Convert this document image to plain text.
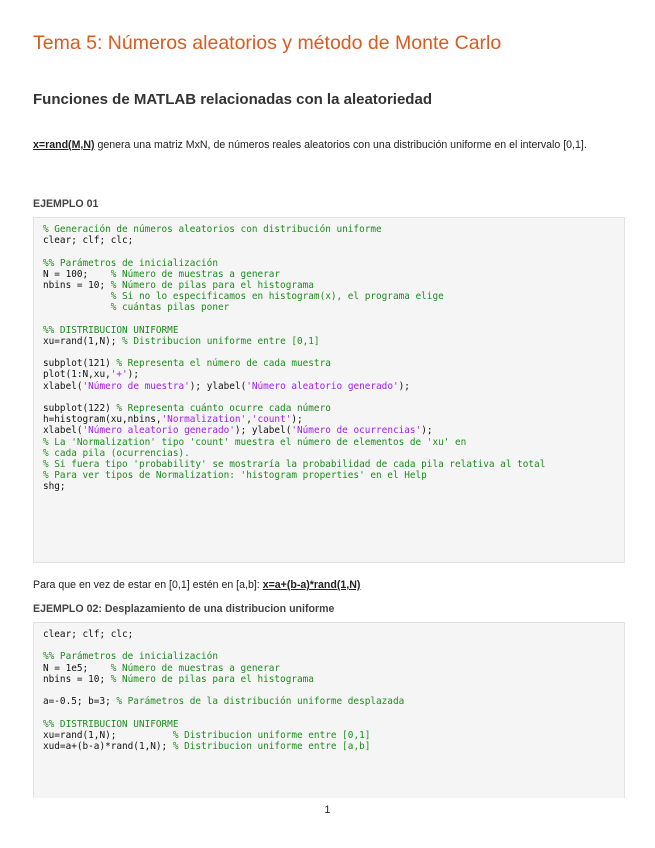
Tema 5: Números aleatorios y método de Monte Carlo
Funciones de MATLAB relacionadas con la aleatoriedad
x=rand(M,N) genera una matriz MxN, de números reales aleatorios con una distribución uniforme en el intervalo [0,1].
EJEMPLO 01
% Generación de números aleatorios con distribución uniforme
clear; clf; clc;
%% Parámetros de inicialización
N = 100;    % Número de muestras a generar
nbins = 10; % Número de pilas para el histograma
% Si no lo especificamos en histogram(x), el programa elige
% cuántas pilas poner
%% DISTRIBUCION UNIFORME
xu=rand(1,N); % Distribucion uniforme entre [0,1]
subplot(121) % Representa el número de cada muestra
plot(1:N,xu,'+');
xlabel('Número de muestra'); ylabel('Número aleatorio generado');
subplot(122) % Representa cuánto ocurre cada número
h=histogram(xu,nbins,'Normalization','count');
xlabel('Número aleatorio generado'); ylabel('Número de ocurrencias');
% La 'Normalization' tipo 'count' muestra el número de elementos de 'xu' en
% cada pila (ocurrencias).
% Si fuera tipo 'probability' se mostraría la probabilidad de cada pila relativa al total
% Para ver tipos de Normalization: 'histogram properties' en el Help
shg;
Para que en vez de estar en [0,1] estén en [a,b]: x=a+(b-a)*rand(1,N)
EJEMPLO 02: Desplazamiento de una distribucion uniforme
clear; clf; clc;
%% Parámetros de inicialización
N = 1e5;    % Número de muestras a generar
nbins = 10; % Número de pilas para el histograma
a=-0.5; b=3; % Parámetros de la distribución uniforme desplazada
%% DISTRIBUCION UNIFORME
xu=rand(1,N);          % Distribucion uniforme entre [0,1]
xud=a+(b-a)*rand(1,N); % Distribucion uniforme entre [a,b]
1
